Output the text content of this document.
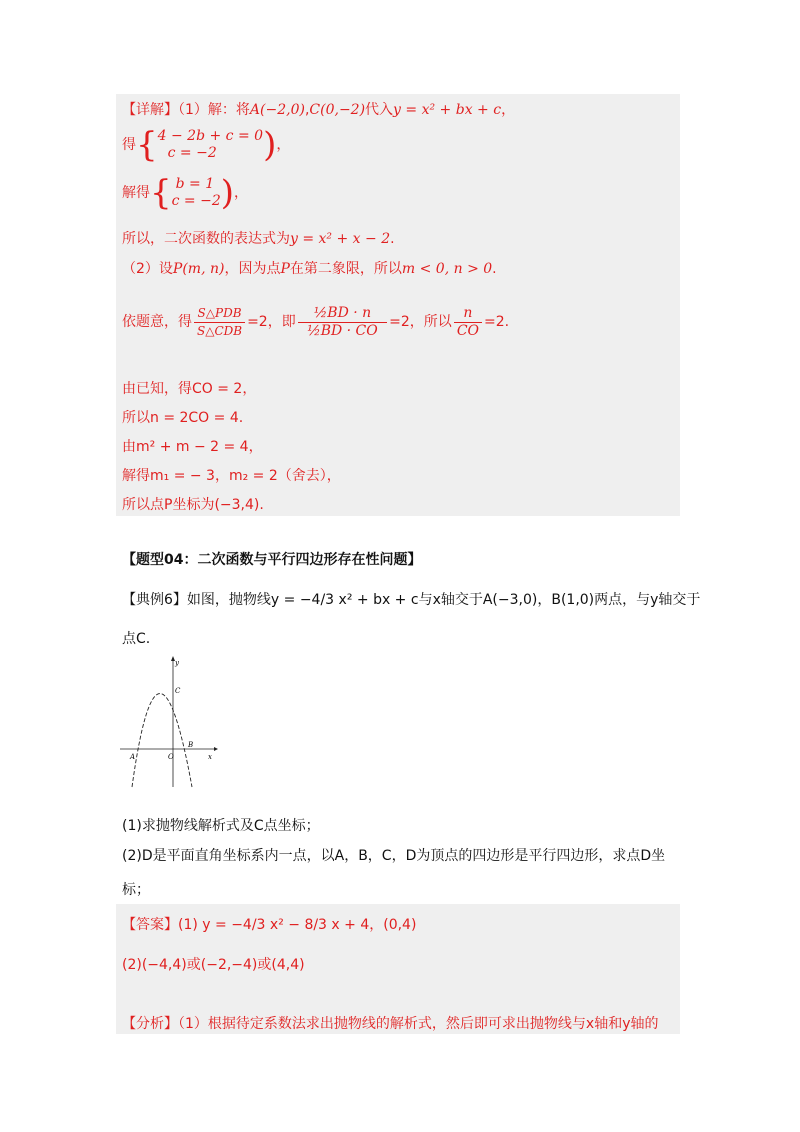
【详解】（1）解：将A(−2,0),C(0,−2)代入y = x² + bx + c，
得{ 4 − 2b + c = 0
c = −2	)，
解得{ b = 1
c = −2 )，
所以，二次函数的表达式为y = x² + x − 2.
（2）设P(m, n)，因为点P在第二象限，所以m < 0, n > 0.
依题意，得 $\frac{\text{S△PDB}}{\text{S△CDB}} =2$，即 $\frac{\text{½BD · n}}{\text{½BD · CO}} =2$，所以 $\frac{n}{CO} =2$.
由已知，得CO = 2，
所以n = 2CO = 4.
由m² + m − 2 = 4，
解得m₁ = − 3，m₂ = 2（舍去），
所以点P坐标为(−3,4).
【题型04：二次函数与平行四边形存在性问题】
【典例6】如图，抛物线y = −4/3 x² + bx + c与x轴交于A(−3,0)，B(1,0)两点，与y轴交于
点C.
y
x
C
B
A	O
(1)求抛物线解析式及C点坐标；
(2)D是平面直角坐标系内一点，以A，B，C，D为顶点的四边形是平行四边形，求点D坐
标；
【答案】(1) y = −4/3 x² − 8/3 x + 4，(0,4)
(2)(−4,4)或(−2,−4)或(4,4)
【分析】（1）根据待定系数法求出抛物线的解析式，然后即可求出抛物线与x轴和y轴的
